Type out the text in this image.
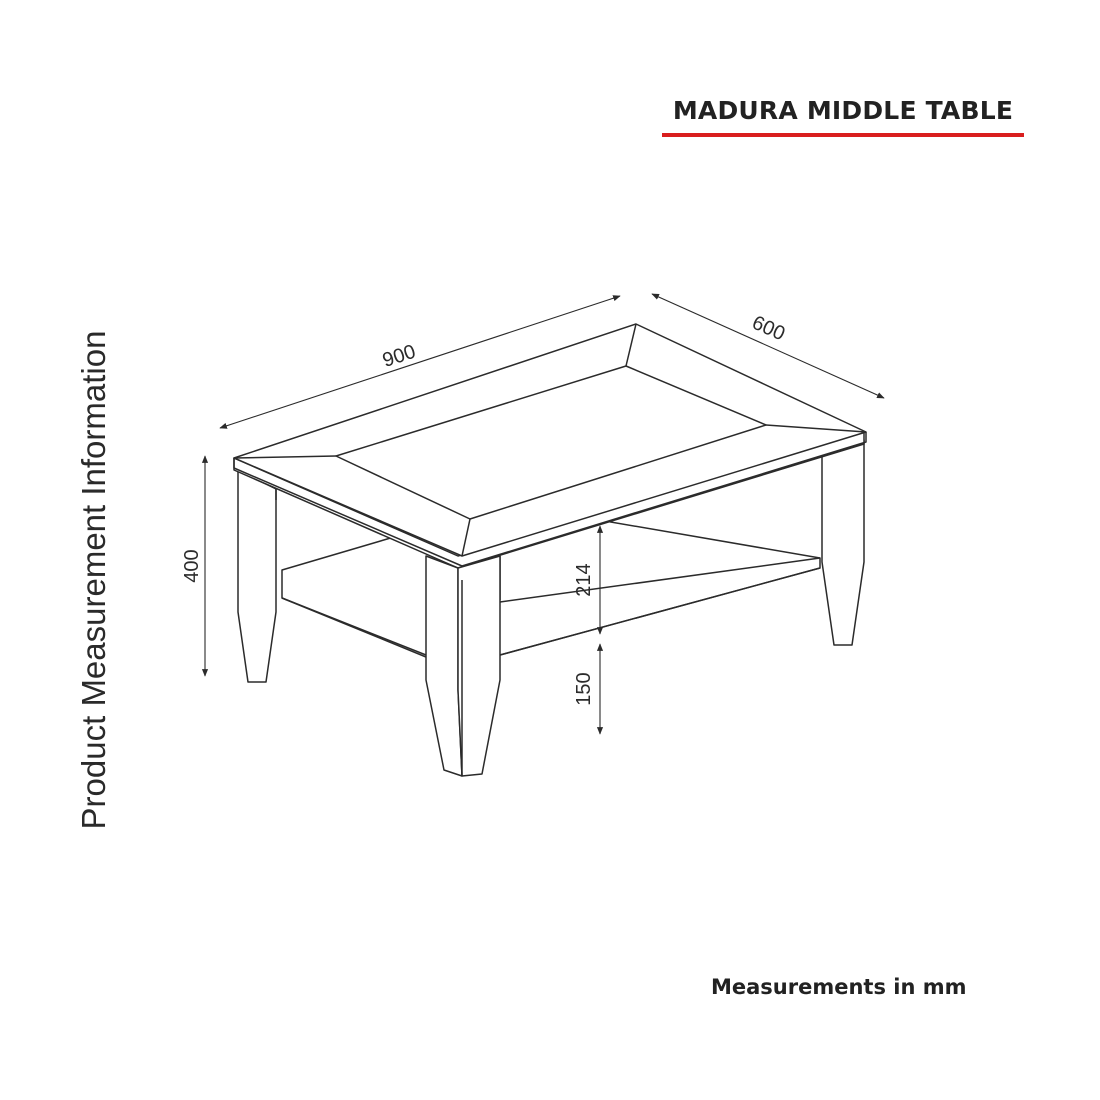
MADURA MIDDLE TABLE
Product Measurement Information	900
600
400	214
150
Measurements in mm
